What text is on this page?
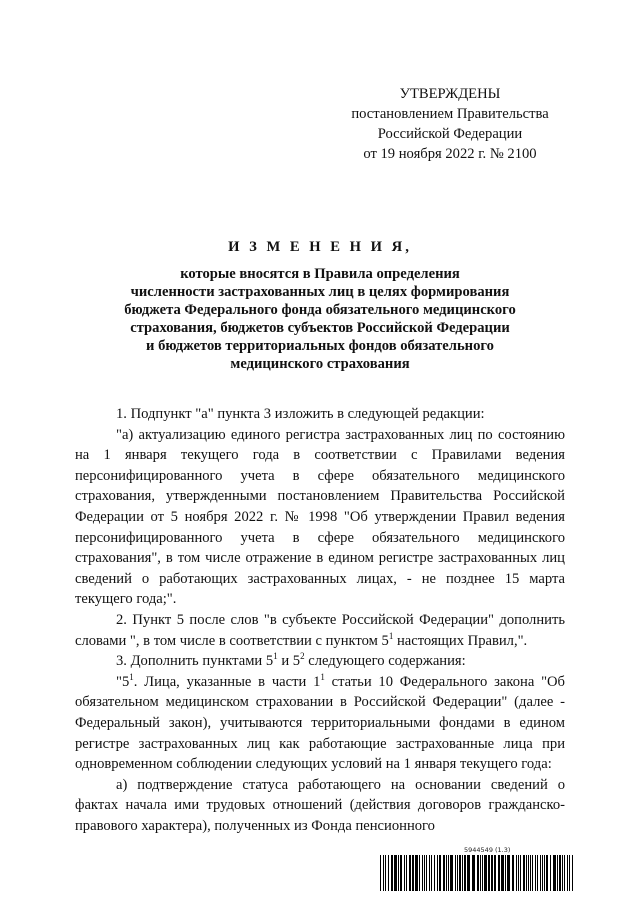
УТВЕРЖДЕНЫ
постановлением Правительства
Российской Федерации
от 19 ноября 2022 г. № 2100
И З М Е Н Е Н И Я,
которые вносятся в Правила определения
численности застрахованных лиц в целях формирования
бюджета Федерального фонда обязательного медицинского
страхования, бюджетов субъектов Российской Федерации
и бюджетов территориальных фондов обязательного
медицинского страхования

1. Подпункт "а" пункта 3 изложить в следующей редакции:

"а) актуализацию единого регистра застрахованных лиц по состоянию на 1 января текущего года в соответствии с Правилами ведения персонифицированного учета в сфере обязательного медицинского страхования, утвержденными постановлением Правительства Российской Федерации от 5 ноября 2022 г. № 1998 "Об утверждении Правил ведения персонифицированного учета в сфере обязательного медицинского страхования", в том числе отражение в едином регистре застрахованных лиц сведений о работающих застрахованных лицах, - не позднее 15 марта текущего года;".

2. Пункт 5 после слов "в субъекте Российской Федерации" дополнить словами ", в том числе в соответствии с пунктом $5^1$ настоящих Правил,".

3. Дополнить пунктами $5^1$ и $5^2$ следующего содержания:

"$5^1$. Лица, указанные в части $1^1$ статьи 10 Федерального закона "Об обязательном медицинском страховании в Российской Федерации" (далее - Федеральный закон), учитываются территориальными фондами в едином регистре застрахованных лиц как работающие застрахованные лица при одновременном соблюдении следующих условий на 1 января текущего года:

а) подтверждение статуса работающего на основании сведений о фактах начала ими трудовых отношений (действия договоров гражданско-правового характера), полученных из Фонда пенсионного

5944549 (1.3)
